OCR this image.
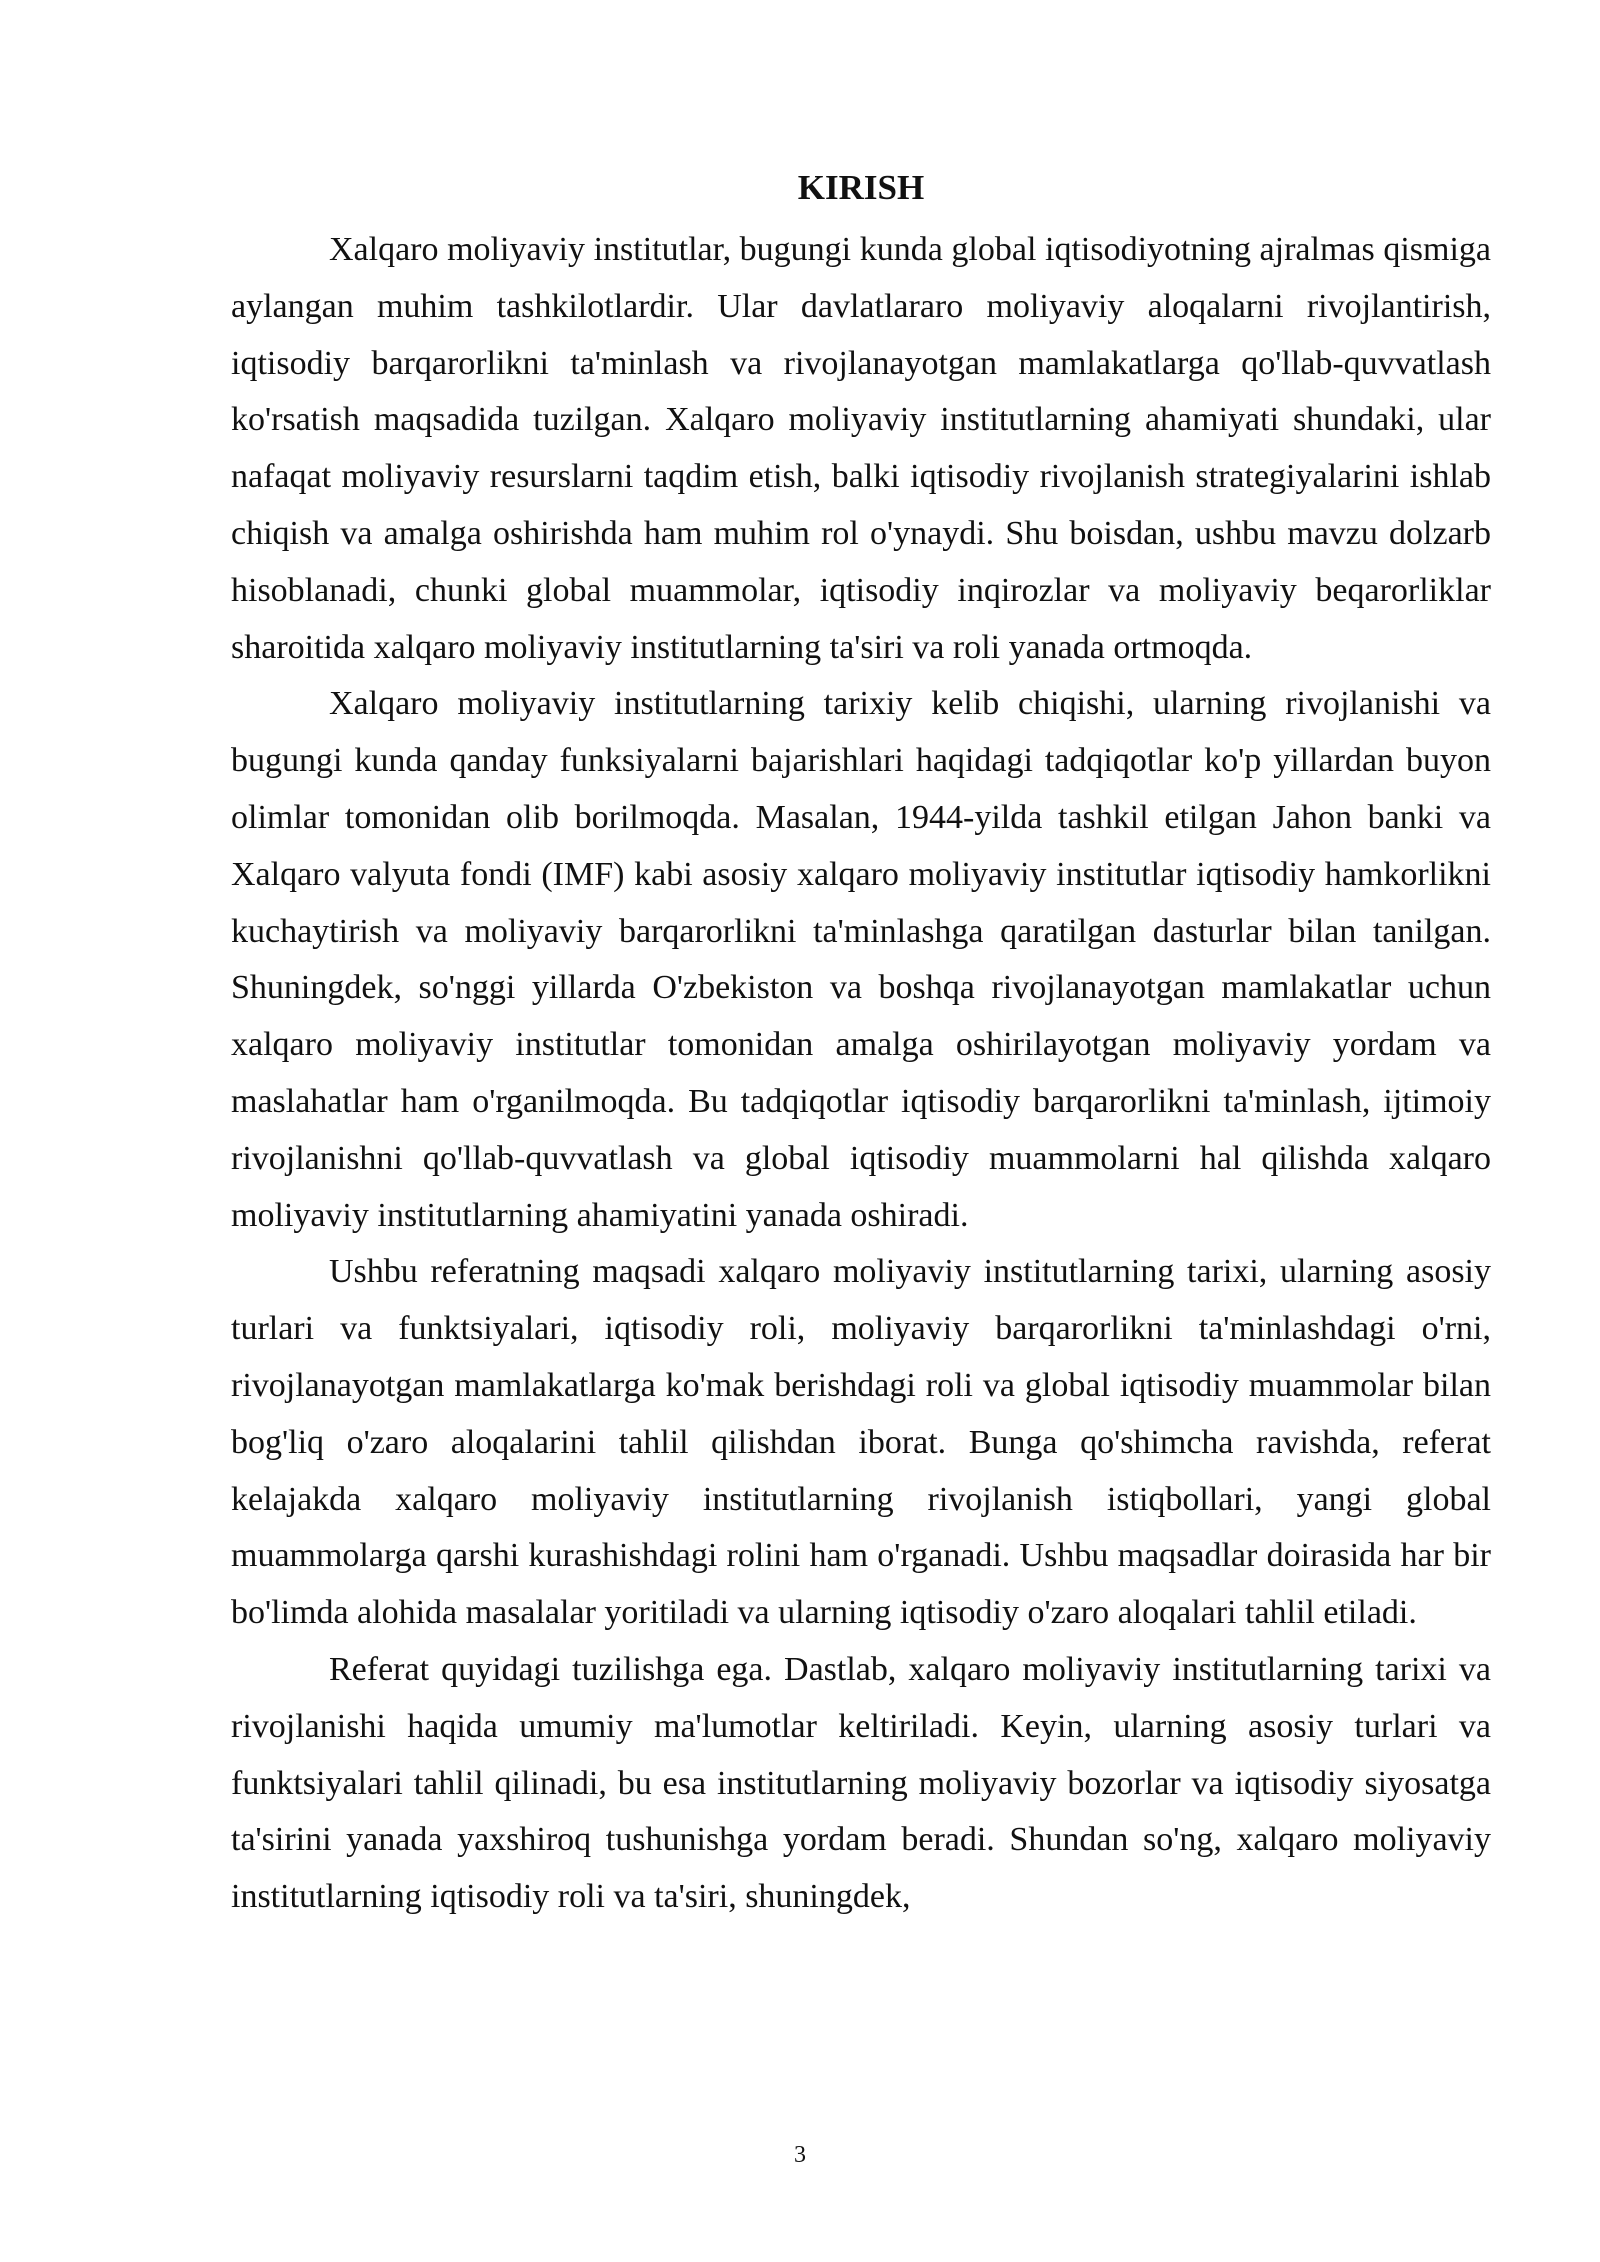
KIRISH

Xalqaro moliyaviy institutlar, bugungi kunda global iqtisodiyotning ajralmas qismiga aylangan muhim tashkilotlardir. Ular davlatlararo moliyaviy aloqalarni rivojlantirish, iqtisodiy barqarorlikni ta'minlash va rivojlanayotgan mamlakatlarga qo'llab-quvvatlash ko'rsatish maqsadida tuzilgan. Xalqaro moliyaviy institutlarning ahamiyati shundaki, ular nafaqat moliyaviy resurslarni taqdim etish, balki iqtisodiy rivojlanish strategiyalarini ishlab chiqish va amalga oshirishda ham muhim rol o'ynaydi. Shu boisdan, ushbu mavzu dolzarb hisoblanadi, chunki global muammolar, iqtisodiy inqirozlar va moliyaviy beqarorliklar sharoitida xalqaro moliyaviy institutlarning ta'siri va roli yanada ortmoqda.

Xalqaro moliyaviy institutlarning tarixiy kelib chiqishi, ularning rivojlanishi va bugungi kunda qanday funksiyalarni bajarishlari haqidagi tadqiqotlar ko'p yillardan buyon olimlar tomonidan olib borilmoqda. Masalan, 1944-yilda tashkil etilgan Jahon banki va Xalqaro valyuta fondi (IMF) kabi asosiy xalqaro moliyaviy institutlar iqtisodiy hamkorlikni kuchaytirish va moliyaviy barqarorlikni ta'minlashga qaratilgan dasturlar bilan tanilgan. Shuningdek, so'nggi yillarda O'zbekiston va boshqa rivojlanayotgan mamlakatlar uchun xalqaro moliyaviy institutlar tomonidan amalga oshirilayotgan moliyaviy yordam va maslahatlar ham o'rganilmoqda. Bu tadqiqotlar iqtisodiy barqarorlikni ta'minlash, ijtimoiy rivojlanishni qo'llab-quvvatlash va global iqtisodiy muammolarni hal qilishda xalqaro moliyaviy institutlarning ahamiyatini yanada oshiradi.

Ushbu referatning maqsadi xalqaro moliyaviy institutlarning tarixi, ularning asosiy turlari va funktsiyalari, iqtisodiy roli, moliyaviy barqarorlikni ta'minlashdagi o'rni, rivojlanayotgan mamlakatlarga ko'mak berishdagi roli va global iqtisodiy muammolar bilan bog'liq o'zaro aloqalarini tahlil qilishdan iborat. Bunga qo'shimcha ravishda, referat kelajakda xalqaro moliyaviy institutlarning rivojlanish istiqbollari, yangi global muammolarga qarshi kurashishdagi rolini ham o'rganadi. Ushbu maqsadlar doirasida har bir bo'limda alohida masalalar yoritiladi va ularning iqtisodiy o'zaro aloqalari tahlil etiladi.

Referat quyidagi tuzilishga ega. Dastlab, xalqaro moliyaviy institutlarning tarixi va rivojlanishi haqida umumiy ma'lumotlar keltiriladi. Keyin, ularning asosiy turlari va funktsiyalari tahlil qilinadi, bu esa institutlarning moliyaviy bozorlar va iqtisodiy siyosatga ta'sirini yanada yaxshiroq tushunishga yordam beradi. Shundan so'ng, xalqaro moliyaviy institutlarning iqtisodiy roli va ta'siri, shuningdek,

3
